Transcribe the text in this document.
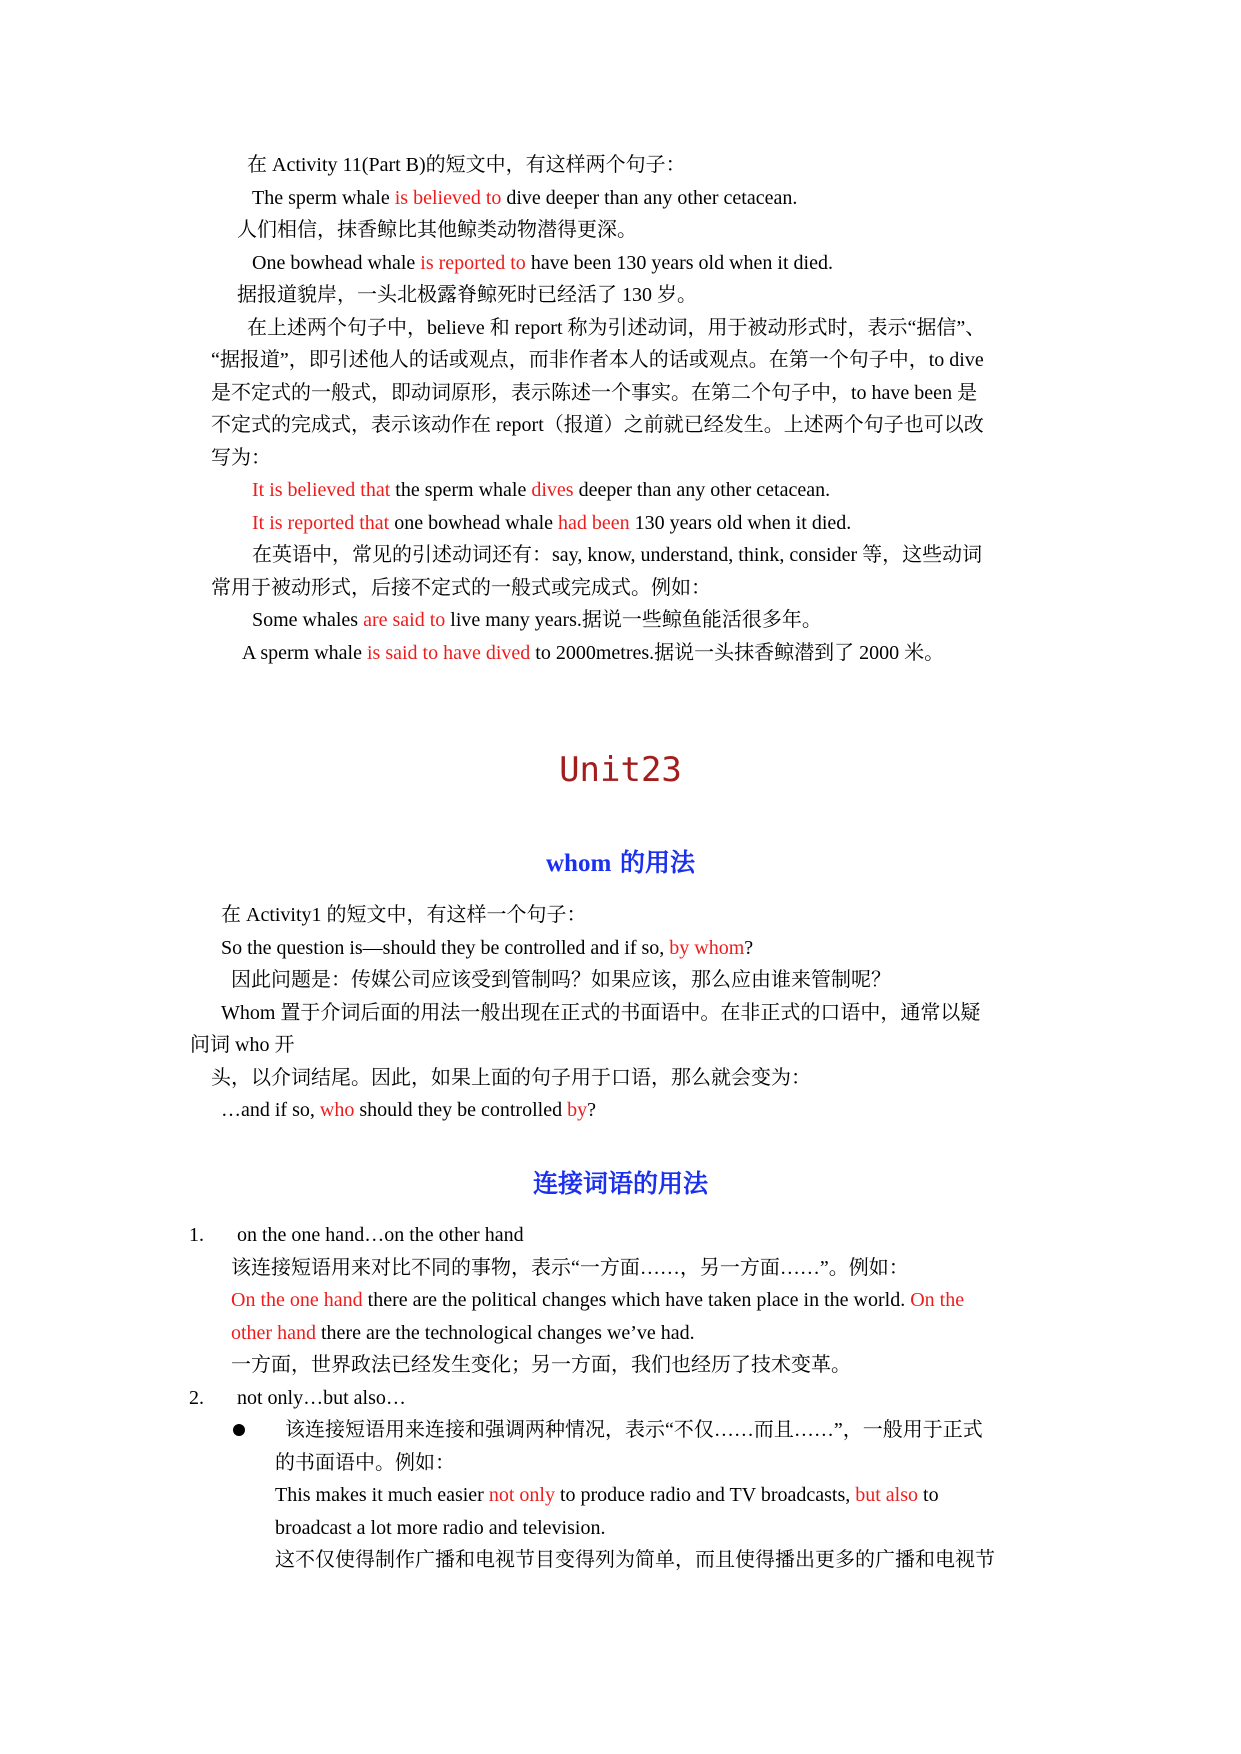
在 Activity 11(Part B)的短文中，有这样两个句子：
The sperm whale is believed to dive deeper than any other cetacean.
人们相信，抹香鲸比其他鲸类动物潜得更深。
One bowhead whale is reported to have been 130 years old when it died.
据报道貌岸，一头北极露脊鲸死时已经活了 130 岁。
在上述两个句子中，believe 和 report 称为引述动词，用于被动形式时，表示“据信”、
“据报道”，即引述他人的话或观点，而非作者本人的话或观点。在第一个句子中，to dive
是不定式的一般式，即动词原形，表示陈述一个事实。在第二个句子中，to have been 是
不定式的完成式，表示该动作在 report（报道）之前就已经发生。上述两个句子也可以改
写为：
It is believed that the sperm whale dives deeper than any other cetacean.
It is reported that one bowhead whale had been 130 years old when it died.
在英语中，常见的引述动词还有：say, know, understand, think, consider 等，这些动词
常用于被动形式，后接不定式的一般式或完成式。例如：
Some whales are said to live many years.据说一些鲸鱼能活很多年。
A sperm whale is said to have dived to 2000metres.据说一头抹香鲸潜到了 2000 米。
Unit23
whom 的用法
在 Activity1 的短文中，有这样一个句子：
So the question is—should they be controlled and if so, by whom?
因此问题是：传媒公司应该受到管制吗？如果应该，那么应由谁来管制呢？
Whom 置于介词后面的用法一般出现在正式的书面语中。在非正式的口语中，通常以疑
问词 who 开
头，以介词结尾。因此，如果上面的句子用于口语，那么就会变为：
…and if so, who should they be controlled by?
连接词语的用法
1. on the one hand…on the other hand
该连接短语用来对比不同的事物，表示“一方面……，另一方面……”。例如：
On the one hand there are the political changes which have taken place in the world. On the
other hand there are the technological changes we’ve had.
一方面，世界政法已经发生变化；另一方面，我们也经历了技术变革。
2. not only…but also…
该连接短语用来连接和强调两种情况，表示“不仅……而且……”，一般用于正式
的书面语中。例如：
This makes it much easier not only to produce radio and TV broadcasts, but also to
broadcast a lot more radio and television.
这不仅使得制作广播和电视节目变得列为简单，而且使得播出更多的广播和电视节
